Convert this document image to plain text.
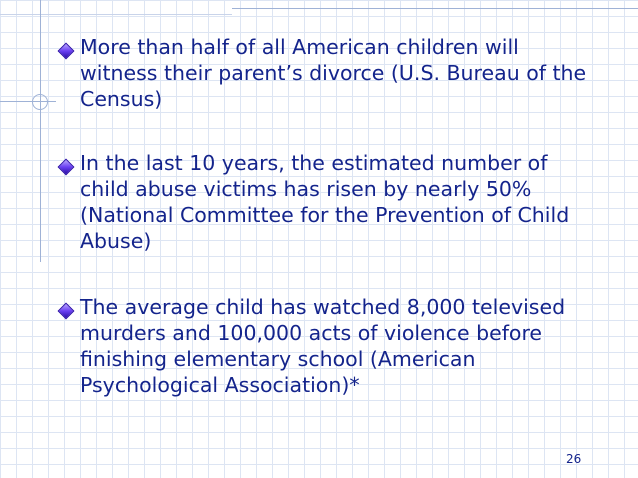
More than half of all American children will witness their parent’s divorce (U.S. Bureau of the Census)
In the last 10 years, the estimated number of child abuse victims has risen by nearly 50% (National Committee for the Prevention of Child Abuse)
The average child has watched 8,000 televised murders and 100,000 acts of violence before finishing elementary school (American Psychological Association)*
26
